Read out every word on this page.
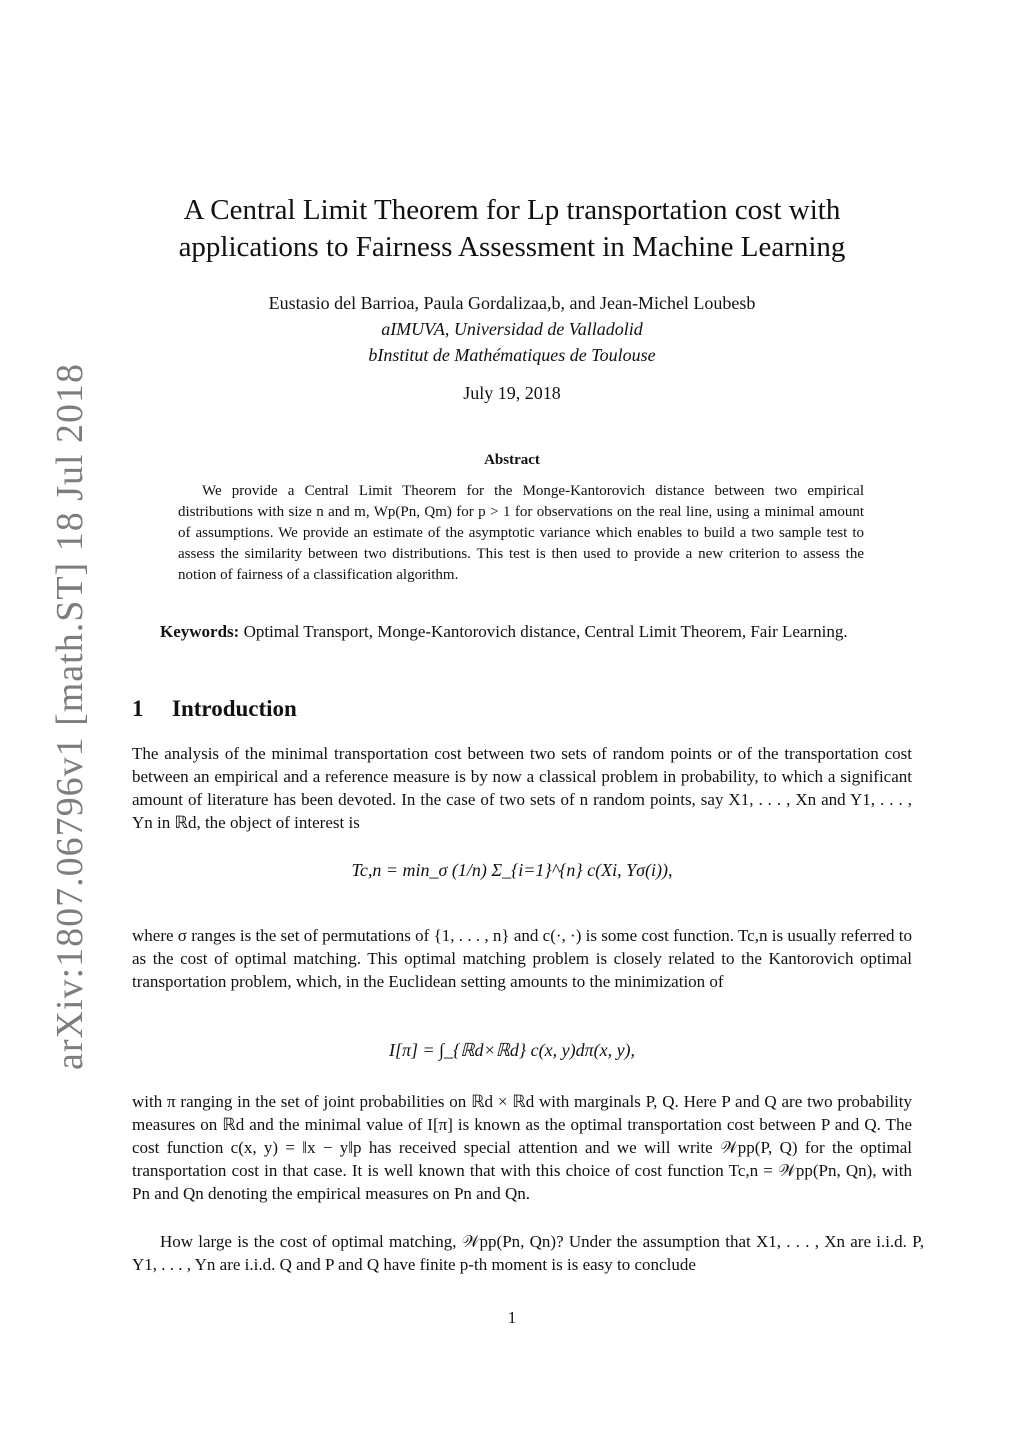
arXiv:1807.06796v1 [math.ST] 18 Jul 2018
A Central Limit Theorem for Lp transportation cost with
applications to Fairness Assessment in Machine Learning
Eustasio del Barrioa, Paula Gordalizaa,b, and Jean-Michel Loubesb
aIMUVA, Universidad de Valladolid
bInstitut de Mathématiques de Toulouse
July 19, 2018
Abstract
We provide a Central Limit Theorem for the Monge-Kantorovich distance between two empirical distributions with size n and m, Wp(Pn, Qm) for p > 1 for observations on the real line, using a minimal amount of assumptions. We provide an estimate of the asymptotic variance which enables to build a two sample test to assess the similarity between two distributions. This test is then used to provide a new criterion to assess the notion of fairness of a classification algorithm.
Keywords: Optimal Transport, Monge-Kantorovich distance, Central Limit Theorem, Fair Learning.
1 Introduction
The analysis of the minimal transportation cost between two sets of random points or of the transportation cost between an empirical and a reference measure is by now a classical problem in probability, to which a significant amount of literature has been devoted. In the case of two sets of n random points, say X1, . . . , Xn and Y1, . . . , Yn in ℝd, the object of interest is
Tc,n = min_σ (1/n) Σ_{i=1}^{n} c(Xi, Yσ(i)),
where σ ranges is the set of permutations of {1, . . . , n} and c(·, ·) is some cost function. Tc,n is usually referred to as the cost of optimal matching. This optimal matching problem is closely related to the Kantorovich optimal transportation problem, which, in the Euclidean setting amounts to the minimization of
I[π] = ∫_{ℝd×ℝd} c(x, y)dπ(x, y),
with π ranging in the set of joint probabilities on ℝd × ℝd with marginals P, Q. Here P and Q are two probability measures on ℝd and the minimal value of I[π] is known as the optimal transportation cost between P and Q. The cost function c(x, y) = ‖x − y‖p has received special attention and we will write 𝒲pp(P, Q) for the optimal transportation cost in that case. It is well known that with this choice of cost function Tc,n = 𝒲pp(Pn, Qn), with Pn and Qn denoting the empirical measures on Pn and Qn.
How large is the cost of optimal matching, 𝒲pp(Pn, Qn)? Under the assumption that X1, . . . , Xn are i.i.d. P, Y1, . . . , Yn are i.i.d. Q and P and Q have finite p-th moment is is easy to conclude
1
